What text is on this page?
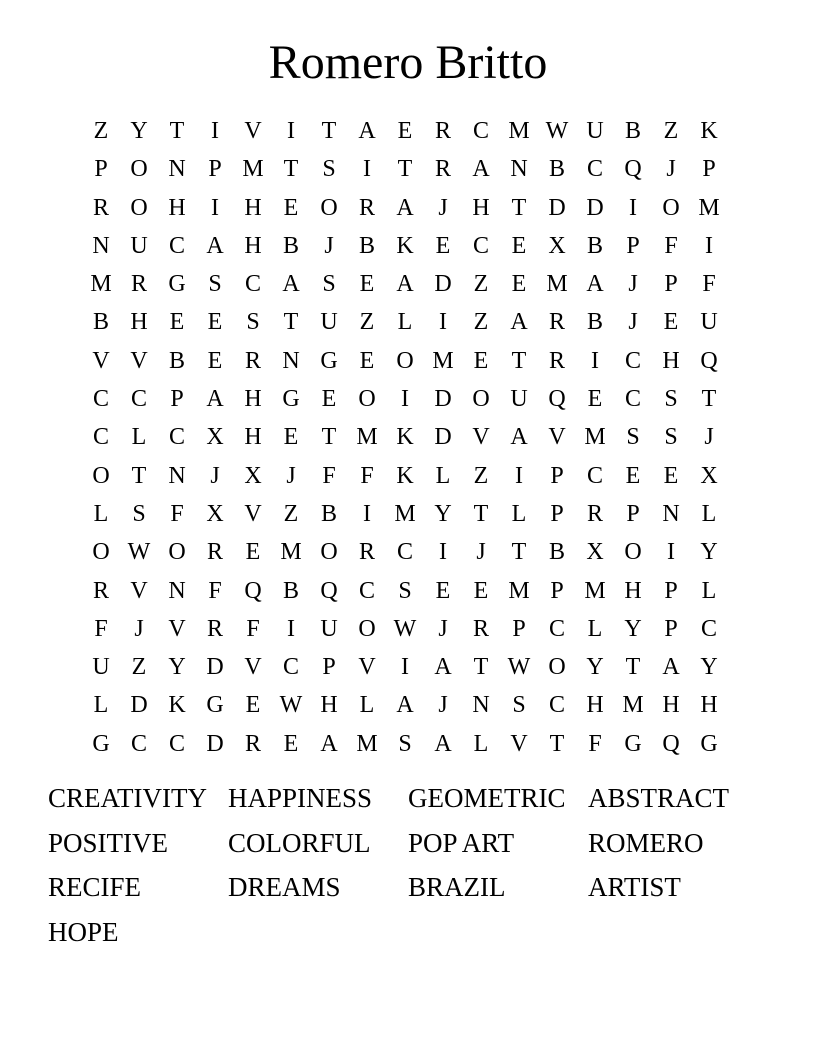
Romero Britto
Z Y T	I	V	I	T A E R C M W U B Z K
P O N P M T S	I	T R A N B C Q	J	P
R O H	I	H E O R A	J	H T D D	I	O M
N U C A H B	J	B K E C E X B P	F	I
M R G S C A S E A D Z E M A	J	P	F
B H E E S T U Z L	I	Z A R B	J	E U
V V B E R N G E O M E T R	I	C H Q
C C P A H G E O	I	D O U Q E C S T
C L C X H E T M K D V A V M S	S	J
O T N	J	X	J	F	F K L Z	I	P C E E X
L S	F X V Z B	I M Y T L P R P N L
O W O R E M O R C	I	J	T B X O	I	Y
R V N F Q B Q C S E E M P M H P L
F	J	V R F	I	U O W J	R P C L Y P C
U Z Y D V C P V	I	A T W O Y T A Y
L D K G E W H L A	J	N S C H M H H
G C C D R E A M S A L V T F G Q G
CREATIVITY HAPPINESS	GEOMETRIC ABSTRACT
POSITIVE	COLORFUL	POP ART	ROMERO
RECIFE	DREAMS	BRAZIL	ARTIST
HOPE
